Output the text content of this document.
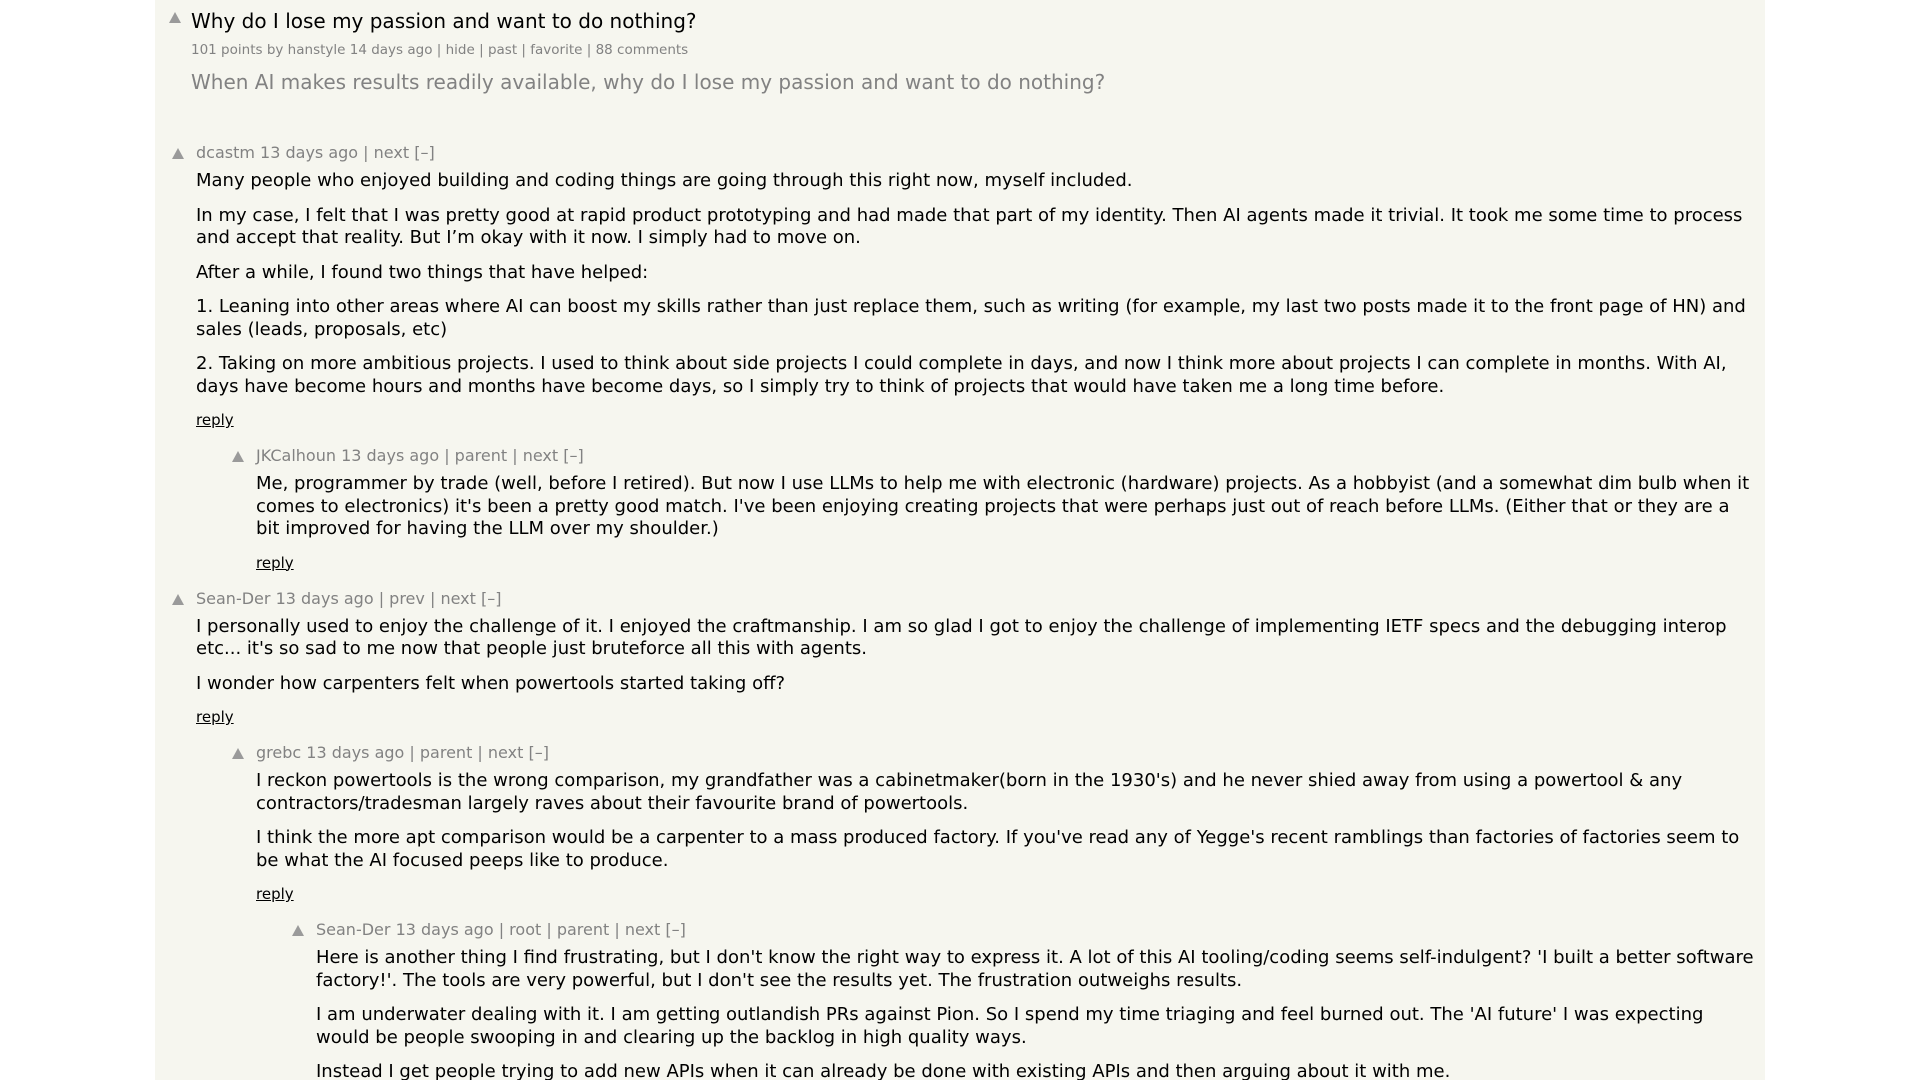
Why do I lose my passion and want to do nothing?
101 points by hanstyle 14 days ago | hide | past | favorite | 88 comments
When AI makes results readily available, why do I lose my passion and want to do nothing?
dcastm 13 days ago | next [–]

Many people who enjoyed building and coding things are going through this right now, myself included.

In my case, I felt that I was pretty good at rapid product prototyping and had made that part of my identity. Then AI agents made it trivial. It took me some time to process and accept that reality. But I’m okay with it now. I simply had to move on.

After a while, I found two things that have helped:

1. Leaning into other areas where AI can boost my skills rather than just replace them, such as writing (for example, my last two posts made it to the front page of HN) and sales (leads, proposals, etc)

2. Taking on more ambitious projects. I used to think about side projects I could complete in days, and now I think more about projects I can complete in months. With AI, days have become hours and months have become days, so I simply try to think of projects that would have taken me a long time before.

reply
JKCalhoun 13 days ago | parent | next [–]

Me, programmer by trade (well, before I retired). But now I use LLMs to help me with electronic (hardware) projects. As a hobbyist (and a somewhat dim bulb when it comes to electronics) it's been a pretty good match. I've been enjoying creating projects that were perhaps just out of reach before LLMs. (Either that or they are a bit improved for having the LLM over my shoulder.)

reply
Sean-Der 13 days ago | prev | next [–]

I personally used to enjoy the challenge of it. I enjoyed the craftmanship. I am so glad I got to enjoy the challenge of implementing IETF specs and the debugging interop etc... it's so sad to me now that people just bruteforce all this with agents.

I wonder how carpenters felt when powertools started taking off?

reply
grebc 13 days ago | parent | next [–]

I reckon powertools is the wrong comparison, my grandfather was a cabinetmaker(born in the 1930's) and he never shied away from using a powertool & any contractors/tradesman largely raves about their favourite brand of powertools.

I think the more apt comparison would be a carpenter to a mass produced factory. If you've read any of Yegge's recent ramblings than factories of factories seem to be what the AI focused peeps like to produce.

reply
Sean-Der 13 days ago | root | parent | next [–]

Here is another thing I find frustrating, but I don't know the right way to express it. A lot of this AI tooling/coding seems self-indulgent? 'I built a better software factory!'. The tools are very powerful, but I don't see the results yet. The frustration outweighs results.

I am underwater dealing with it. I am getting outlandish PRs against Pion. So I spend my time triaging and feel burned out. The 'AI future' I was expecting would be people swooping in and clearing up the backlog in high quality ways.

Instead I get people trying to add new APIs when it can already be done with existing APIs and then arguing about it with me.
